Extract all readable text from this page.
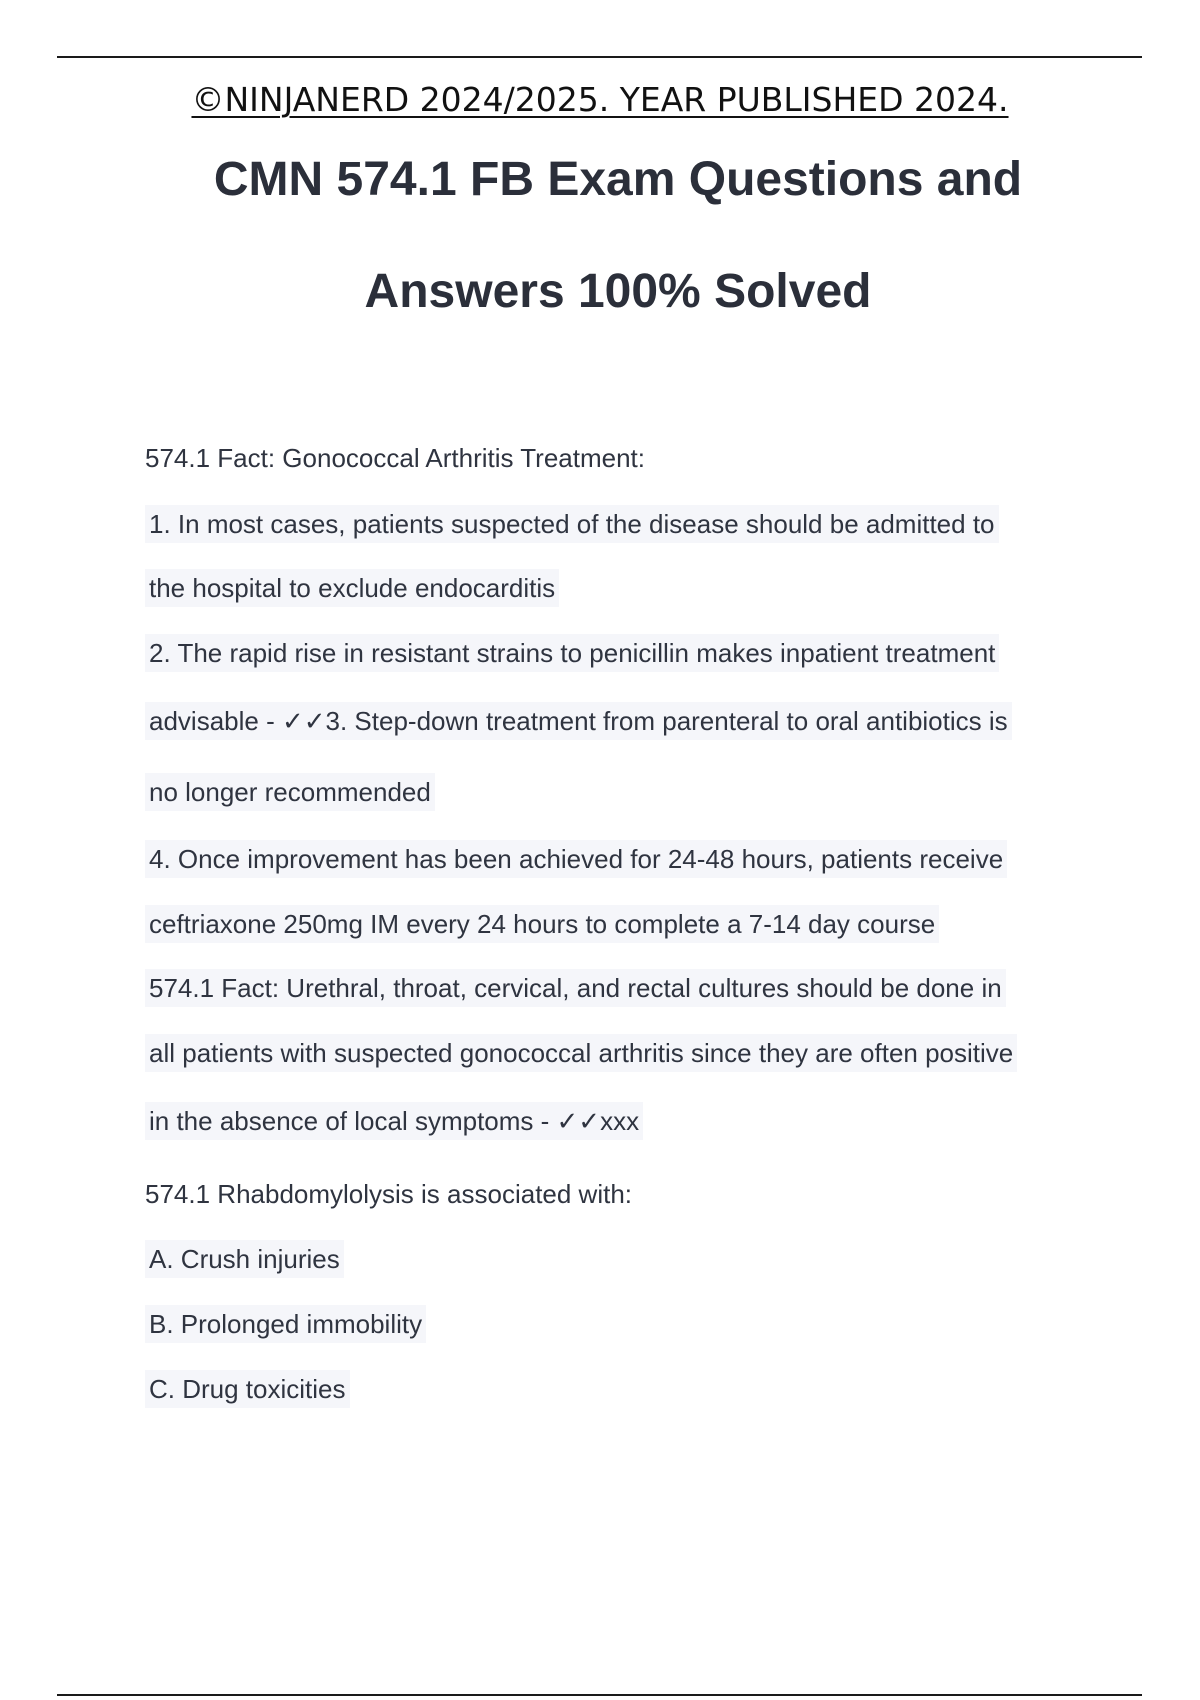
©NINJANERD 2024/2025. YEAR PUBLISHED 2024.
CMN 574.1 FB Exam Questions and
Answers 100% Solved
574.1 Fact: Gonococcal Arthritis Treatment:
1. In most cases, patients suspected of the disease should be admitted to
the hospital to exclude endocarditis
2. The rapid rise in resistant strains to penicillin makes inpatient treatment
advisable - ✓✓3. Step-down treatment from parenteral to oral antibiotics is
no longer recommended
4. Once improvement has been achieved for 24-48 hours, patients receive
ceftriaxone 250mg IM every 24 hours to complete a 7-14 day course
574.1 Fact: Urethral, throat, cervical, and rectal cultures should be done in
all patients with suspected gonococcal arthritis since they are often positive
in the absence of local symptoms - ✓✓xxx
574.1 Rhabdomylolysis is associated with:
A. Crush injuries
B. Prolonged immobility
C. Drug toxicities
